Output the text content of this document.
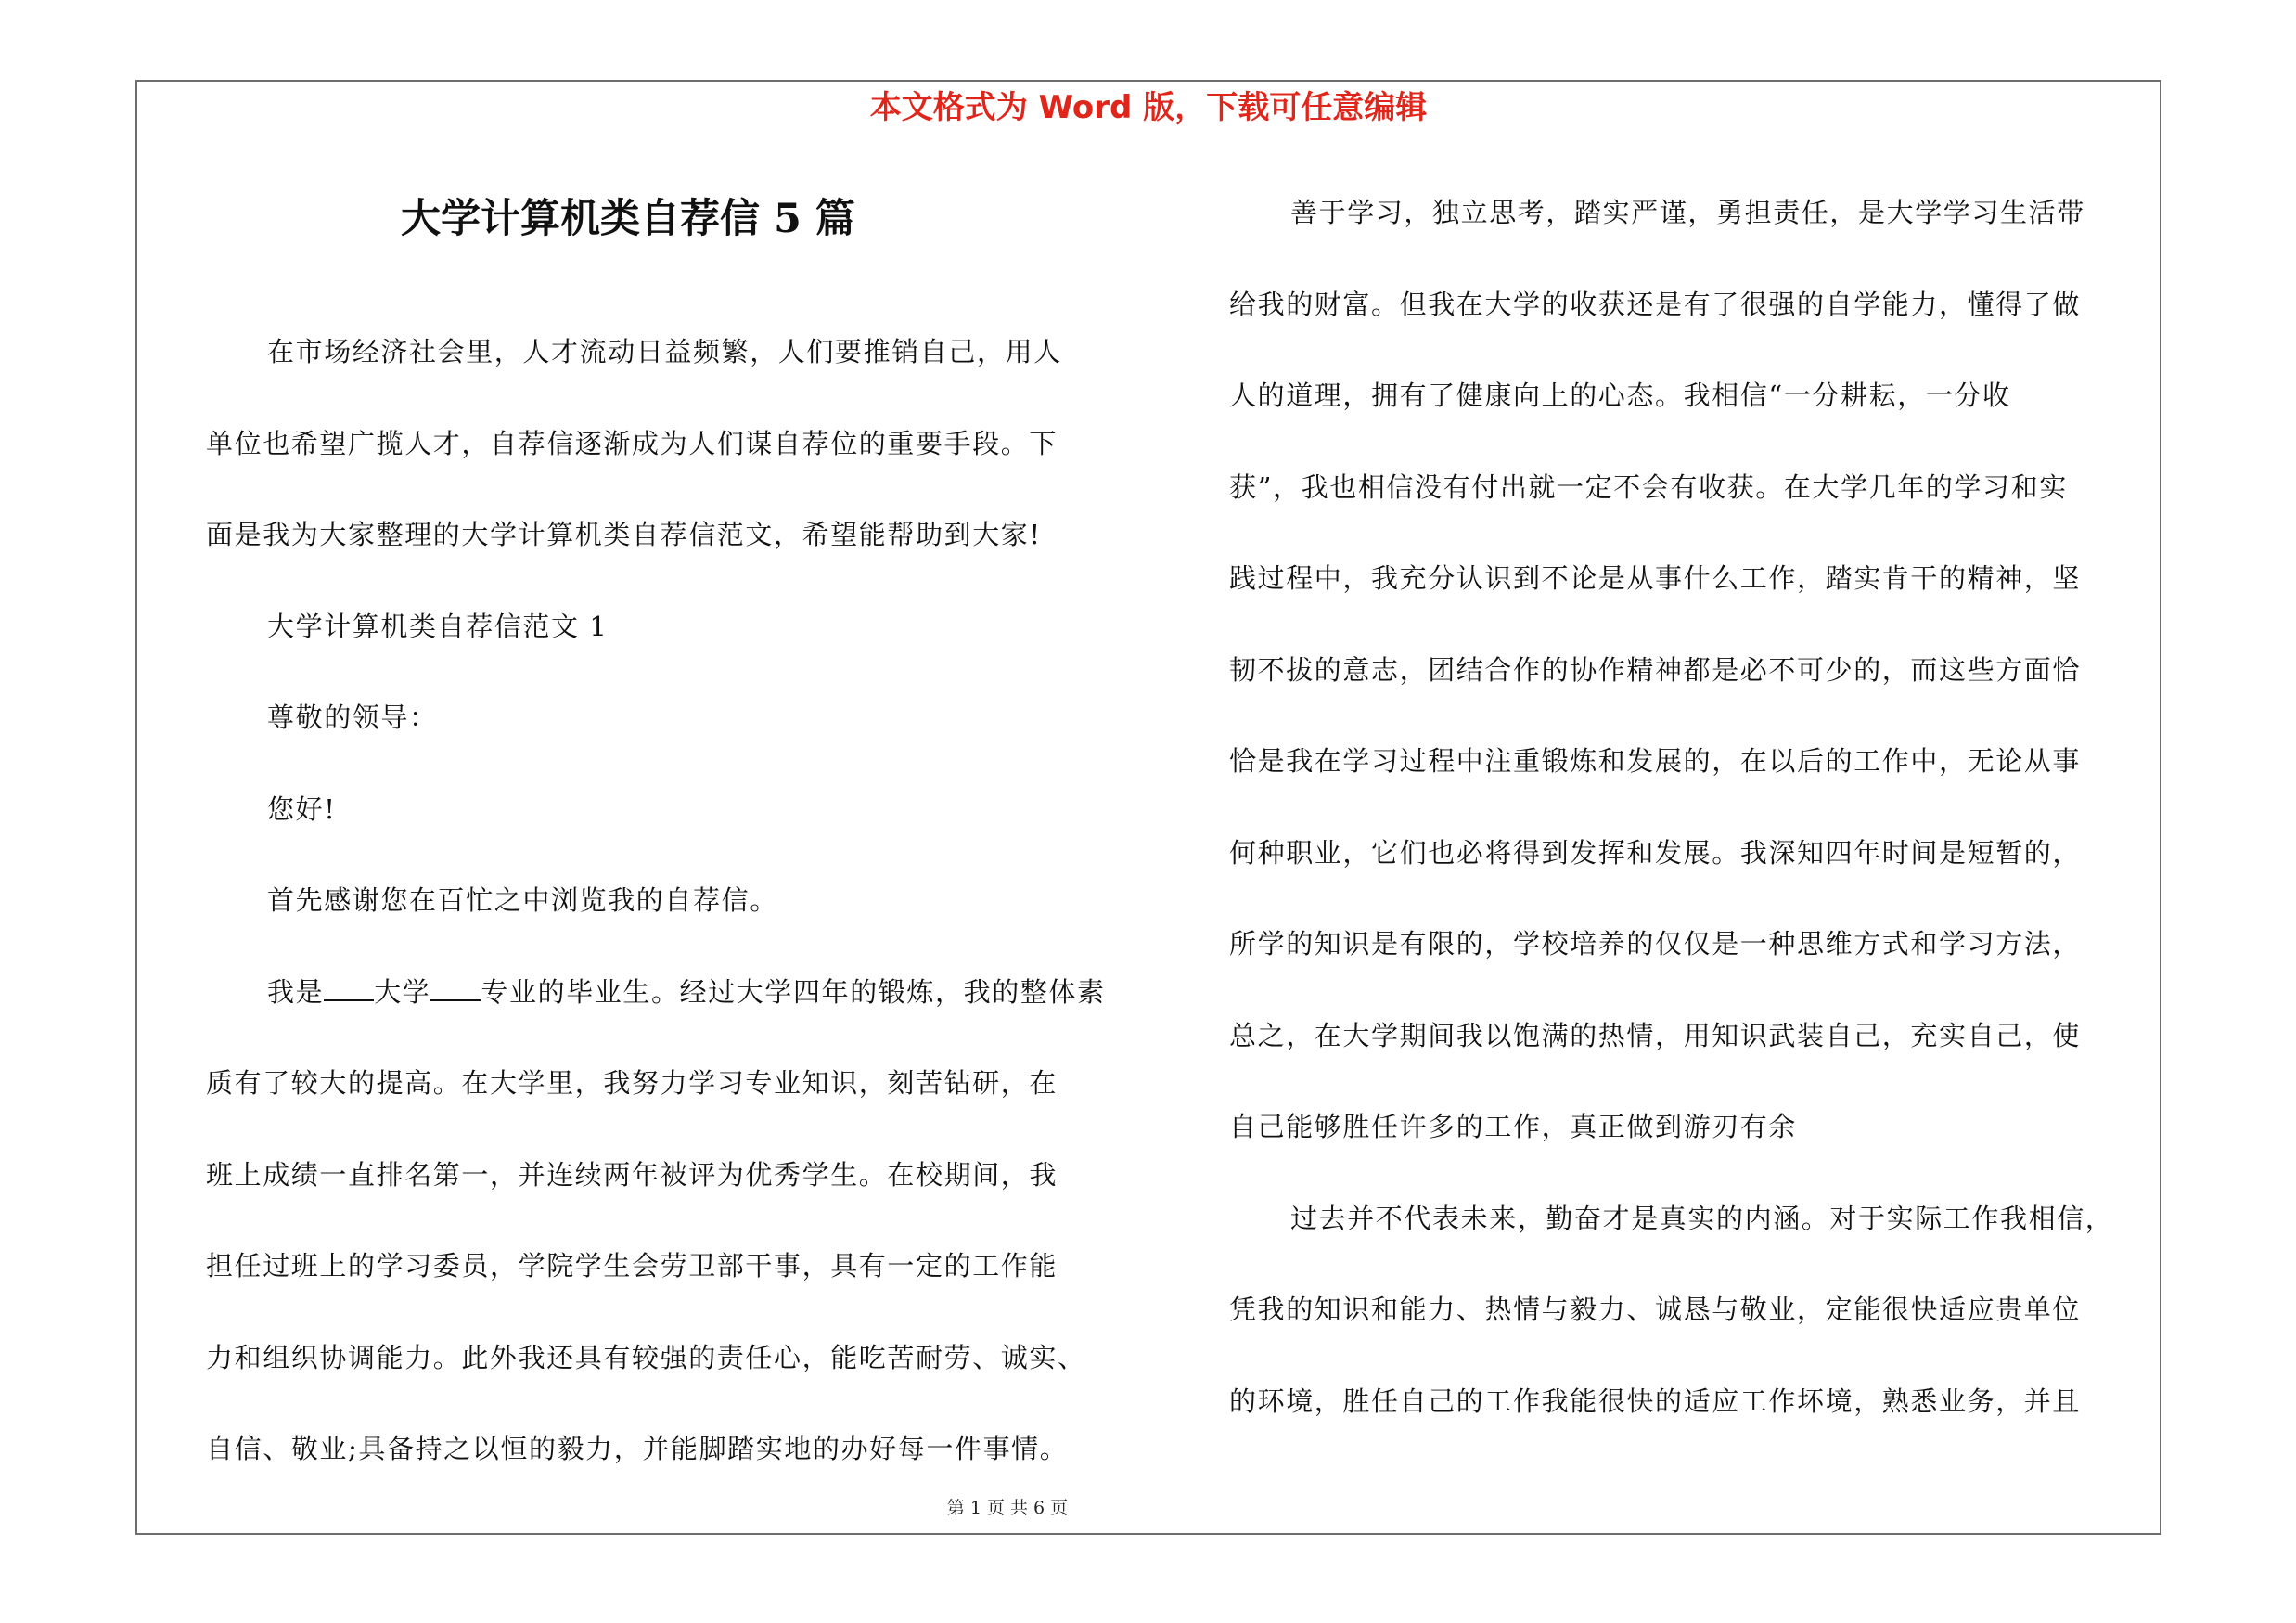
本文格式为 Word 版，下载可任意编辑

大学计算机类自荐信 5 篇

在市场经济社会里，人才流动日益频繁，人们要推销自己，用人

单位也希望广揽人才，自荐信逐渐成为人们谋自荐位的重要手段。下

面是我为大家整理的大学计算机类自荐信范文，希望能帮助到大家!

大学计算机类自荐信范文 1

尊敬的领导：

您好!

首先感谢您在百忙之中浏览我的自荐信。

我是 大学 专业的毕业生。经过大学四年的锻炼，我的整体素

质有了较大的提高。在大学里，我努力学习专业知识，刻苦钻研，在

班上成绩一直排名第一，并连续两年被评为优秀学生。在校期间，我

担任过班上的学习委员，学院学生会劳卫部干事，具有一定的工作能

力和组织协调能力。此外我还具有较强的责任心，能吃苦耐劳、诚实、

自信、敬业;具备持之以恒的毅力，并能脚踏实地的办好每一件事情。

善于学习，独立思考，踏实严谨，勇担责任，是大学学习生活带

给我的财富。但我在大学的收获还是有了很强的自学能力，懂得了做

人的道理，拥有了健康向上的心态。我相信“一分耕耘，一分收

获”，我也相信没有付出就一定不会有收获。在大学几年的学习和实

践过程中，我充分认识到不论是从事什么工作，踏实肯干的精神，坚

韧不拔的意志，团结合作的协作精神都是必不可少的，而这些方面恰

恰是我在学习过程中注重锻炼和发展的，在以后的工作中，无论从事

何种职业，它们也必将得到发挥和发展。我深知四年时间是短暂的，

所学的知识是有限的，学校培养的仅仅是一种思维方式和学习方法，

总之，在大学期间我以饱满的热情，用知识武装自己，充实自己，使

自己能够胜任许多的工作，真正做到游刃有余

过去并不代表未来，勤奋才是真实的内涵。对于实际工作我相信，

凭我的知识和能力、热情与毅力、诚恳与敬业，定能很快适应贵单位

的环境，胜任自己的工作我能很快的适应工作坏境，熟悉业务，并且

第 1 页 共 6 页
